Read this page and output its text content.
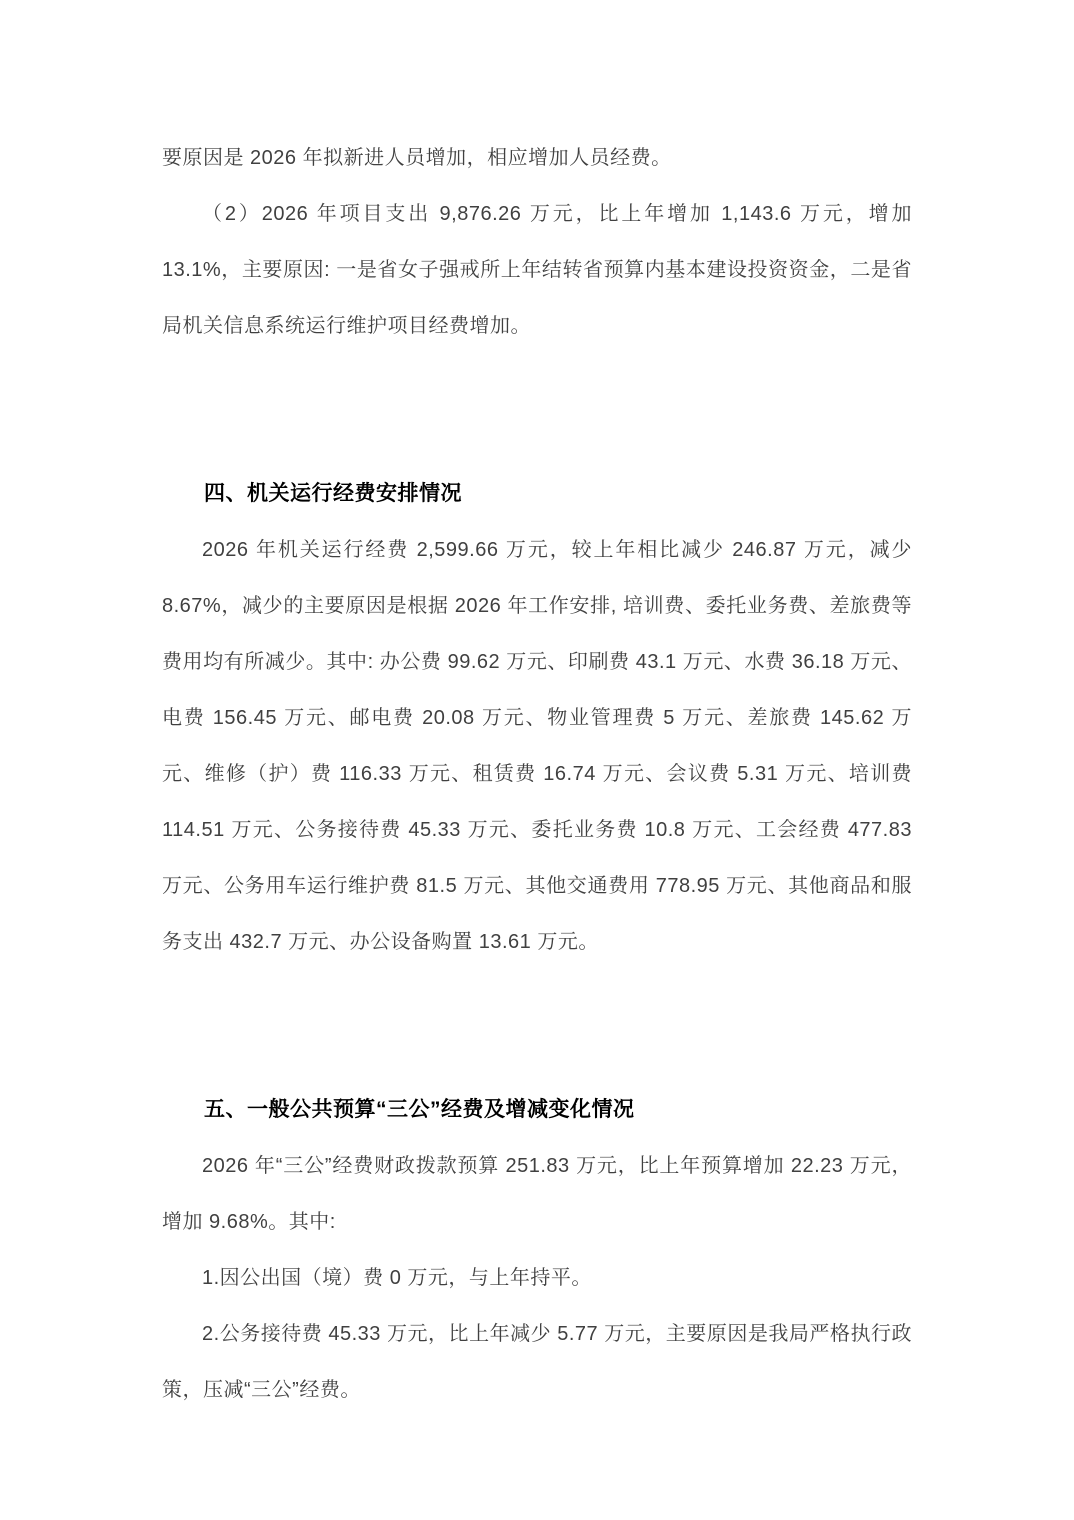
要原因是 2026 年拟新进人员增加，相应增加人员经费。

（2）2026 年项目支出 9,876.26 万元，比上年增加 1,143.6 万元，增加 13.1%，主要原因: 一是省女子强戒所上年结转省预算内基本建设投资资金，二是省局机关信息系统运行维护项目经费增加。

四、机关运行经费安排情况

2026 年机关运行经费 2,599.66 万元，较上年相比减少 246.87 万元，减少 8.67%，减少的主要原因是根据 2026 年工作安排, 培训费、委托业务费、差旅费等费用均有所减少。其中: 办公费 99.62 万元、印刷费 43.1 万元、水费 36.18 万元、电费 156.45 万元、邮电费 20.08 万元、物业管理费 5 万元、差旅费 145.62 万元、维修（护）费 116.33 万元、租赁费 16.74 万元、会议费 5.31 万元、培训费 114.51 万元、公务接待费 45.33 万元、委托业务费 10.8 万元、工会经费 477.83 万元、公务用车运行维护费 81.5 万元、其他交通费用 778.95 万元、其他商品和服务支出 432.7 万元、办公设备购置 13.61 万元。

五、一般公共预算“三公”经费及增减变化情况

2026 年“三公”经费财政拨款预算 251.83 万元，比上年预算增加 22.23 万元，增加 9.68%。其中:

1.因公出国（境）费 0 万元，与上年持平。

2.公务接待费 45.33 万元，比上年减少 5.77 万元，主要原因是我局严格执行政策，压减“三公”经费。
